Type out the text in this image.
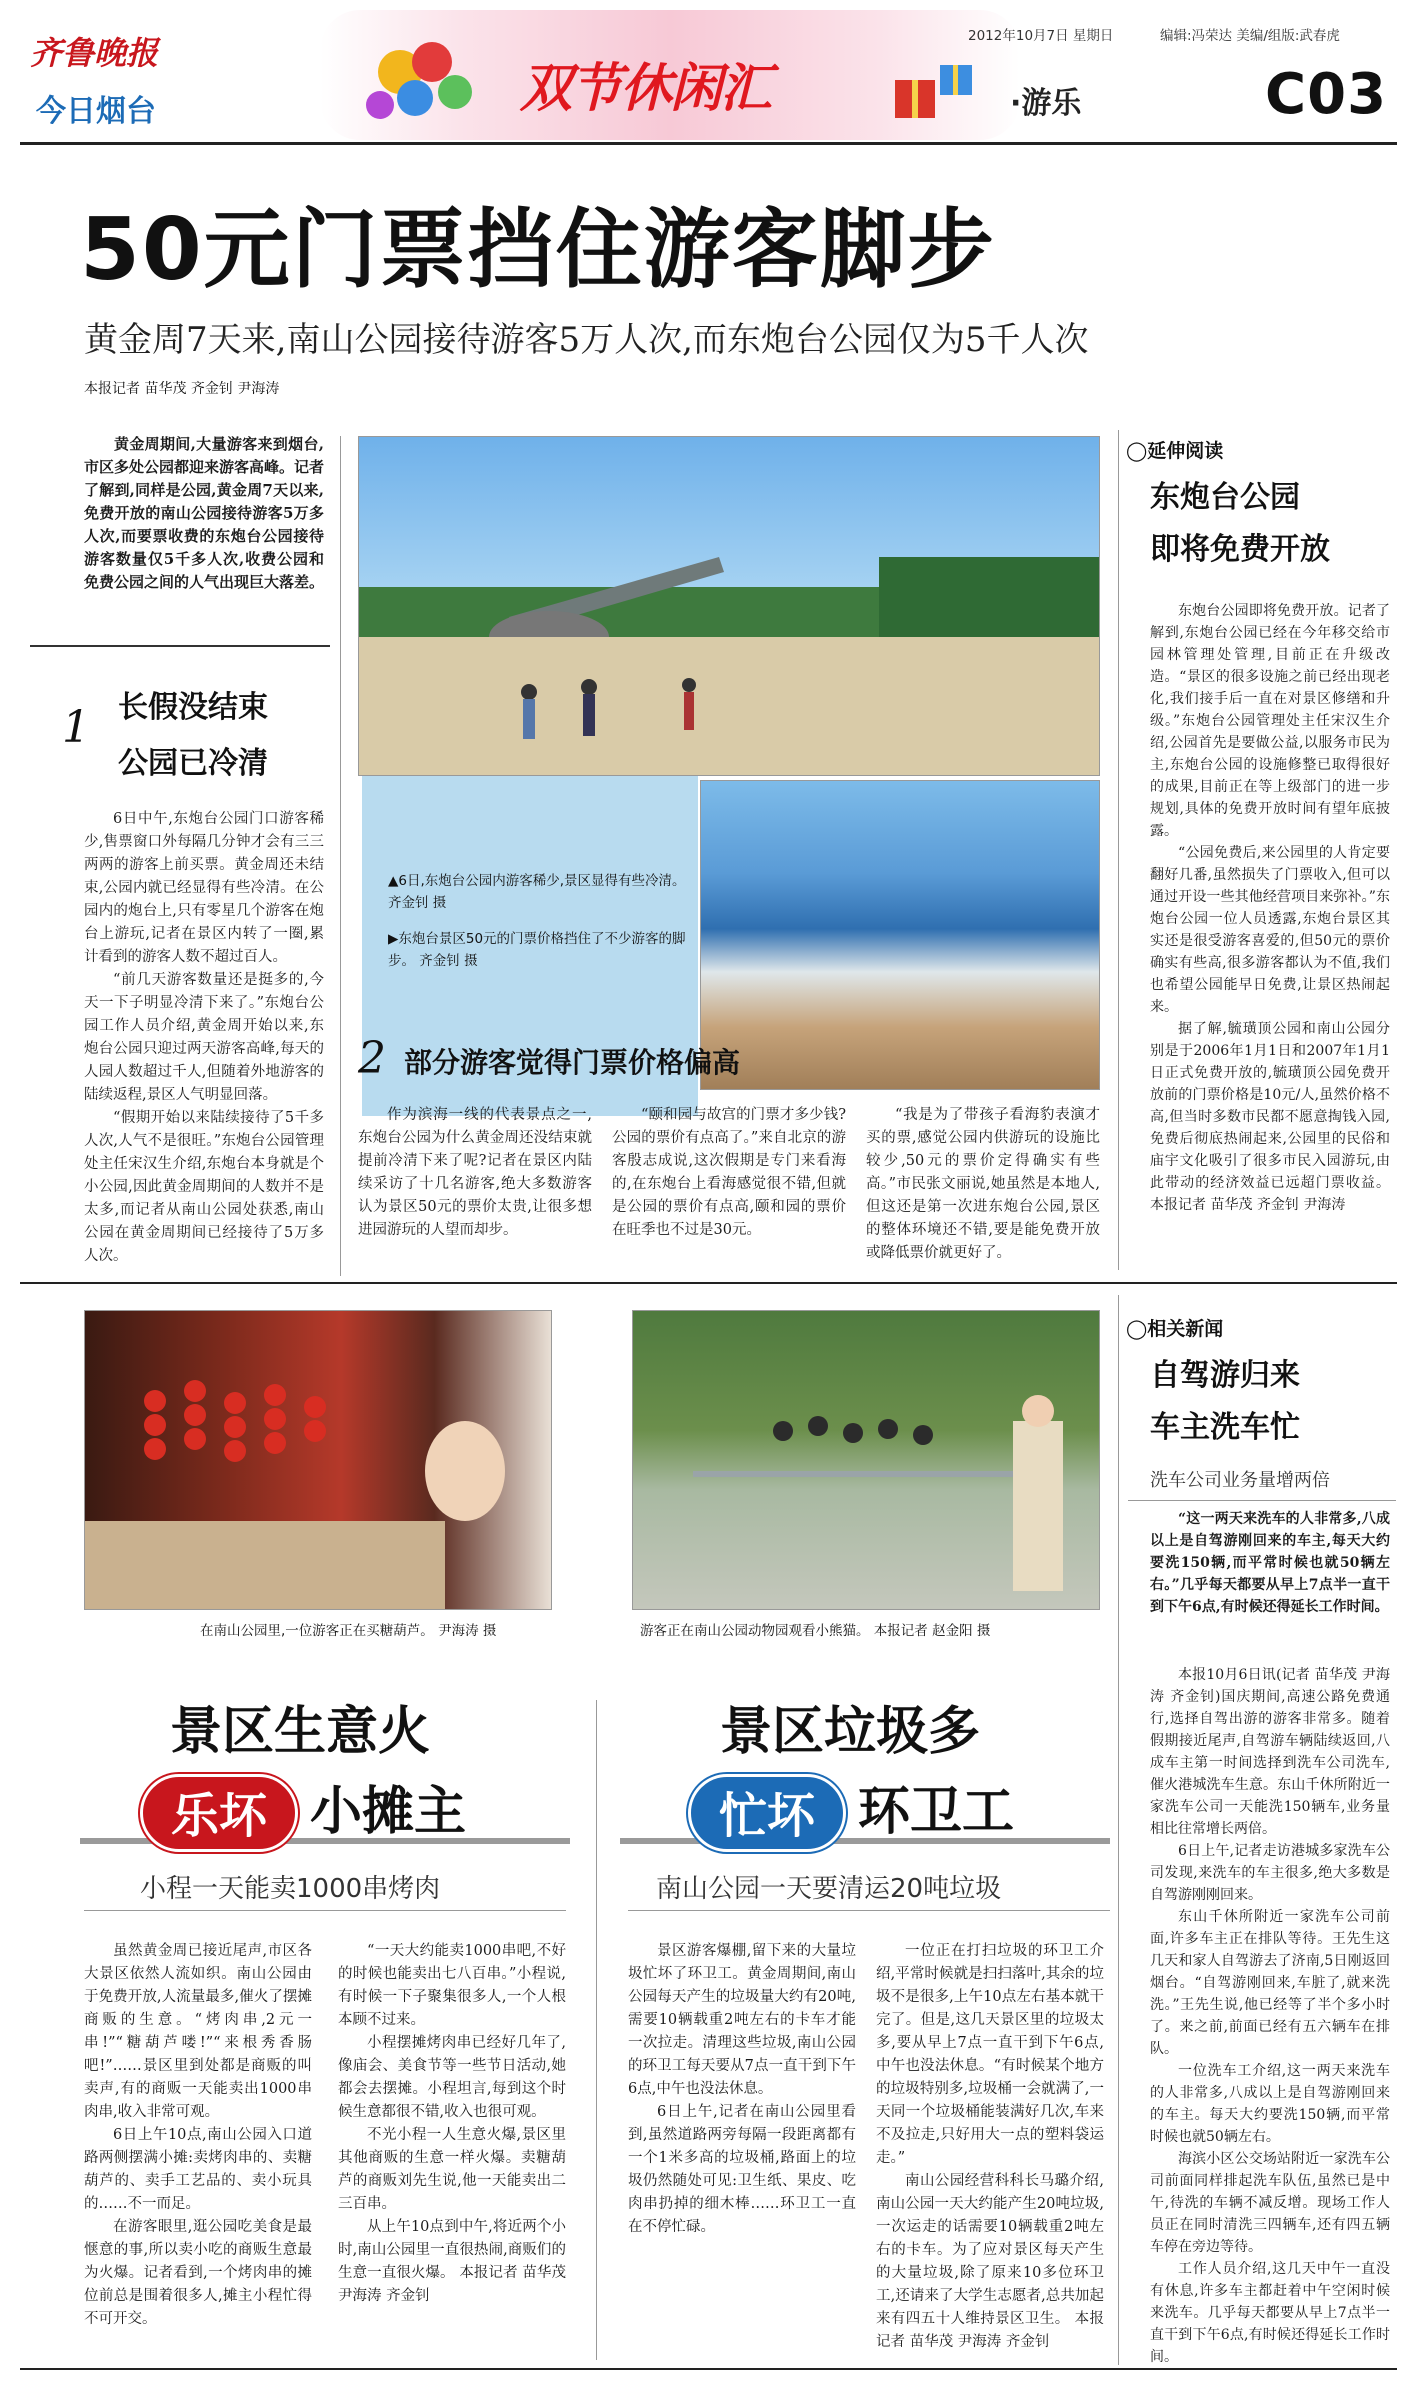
齐鲁晚报
今日烟台	双节休闲汇
2012年10月7日 星期日	编辑:冯荣达 美编/组版:武春虎
·游乐	C03
50元门票挡住游客脚步
黄金周7天来,南山公园接待游客5万人次,而东炮台公园仅为5千人次
本报记者 苗华茂 齐金钊 尹海涛

黄金周期间,大量游客来到烟台,市区多处公园都迎来游客高峰。记者了解到,同样是公园,黄金周7天以来,免费开放的南山公园接待游客5万多人次,而要票收费的东炮台公园接待游客数量仅5千多人次,收费公园和免费公园之间的人气出现巨大落差。

1 长假没结束
公园已冷清

6日中午,东炮台公园门口游客稀少,售票窗口外每隔几分钟才会有三三两两的游客上前买票。黄金周还未结束,公园内就已经显得有些冷清。在公园内的炮台上,只有零星几个游客在炮台上游玩,记者在景区内转了一圈,累计看到的游客人数不超过百人。

“前几天游客数量还是挺多的,今天一下子明显冷清下来了。”东炮台公园工作人员介绍,黄金周开始以来,东炮台公园只迎过两天游客高峰,每天的人园人数超过千人,但随着外地游客的陆续返程,景区人气明显回落。

“假期开始以来陆续接待了5千多人次,人气不是很旺。”东炮台公园管理处主任宋汉生介绍,东炮台本身就是个小公园,因此黄金周期间的人数并不是太多,而记者从南山公园处获悉,南山公园在黄金周期间已经接待了5万多人次。

▲6日,东炮台公园内游客稀少,景区显得有些冷清。 齐金钊 摄
▶东炮台景区50元的门票价格挡住了不少游客的脚步。 齐金钊 摄
2 部分游客觉得门票价格偏高

作为滨海一线的代表景点之一,东炮台公园为什么黄金周还没结束就提前冷清下来了呢?记者在景区内陆续采访了十几名游客,绝大多数游客认为景区50元的票价太贵,让很多想进园游玩的人望而却步。

“颐和园与故宫的门票才多少钱?公园的票价有点高了。”来自北京的游客殷志成说,这次假期是专门来看海的,在东炮台上看海感觉很不错,但就是公园的票价有点高,颐和园的票价在旺季也不过是30元。

“我是为了带孩子看海豹表演才买的票,感觉公园内供游玩的设施比较少,50元的票价定得确实有些高。”市民张文丽说,她虽然是本地人,但这还是第一次进东炮台公园,景区的整体环境还不错,要是能免费开放或降低票价就更好了。

◯延伸阅读
东炮台公园
即将免费开放

东炮台公园即将免费开放。记者了解到,东炮台公园已经在今年移交给市园林管理处管理,目前正在升级改造。“景区的很多设施之前已经出现老化,我们接手后一直在对景区修缮和升级。”东炮台公园管理处主任宋汉生介绍,公园首先是要做公益,以服务市民为主,东炮台公园的设施修整已取得很好的成果,目前正在等上级部门的进一步规划,具体的免费开放时间有望年底披露。

“公园免费后,来公园里的人肯定要翻好几番,虽然损失了门票收入,但可以通过开设一些其他经营项目来弥补。”东炮台公园一位人员透露,东炮台景区其实还是很受游客喜爱的,但50元的票价确实有些高,很多游客都认为不值,我们也希望公园能早日免费,让景区热闹起来。

据了解,毓璜顶公园和南山公园分别是于2006年1月1日和2007年1月1日正式免费开放的,毓璜顶公园免费开放前的门票价格是10元/人,虽然价格不高,但当时多数市民都不愿意掏钱入园,免费后彻底热闹起来,公园里的民俗和庙宇文化吸引了很多市民入园游玩,由此带动的经济效益已远超门票收益。 本报记者 苗华茂 齐金钊 尹海涛

在南山公园里,一位游客正在买糖葫芦。 尹海涛 摄	游客正在南山公园动物园观看小熊猫。 本报记者 赵金阳 摄
景区生意火
乐坏 小摊主
小程一天能卖1000串烤肉

虽然黄金周已接近尾声,市区各大景区依然人流如织。南山公园由于免费开放,人流量最多,催火了摆摊商贩的生意。“烤肉串,2元一串!”“糖葫芦喽!”“来根秀香肠吧!”……景区里到处都是商贩的叫卖声,有的商贩一天能卖出1000串肉串,收入非常可观。

6日上午10点,南山公园入口道路两侧摆满小摊:卖烤肉串的、卖糖葫芦的、卖手工艺品的、卖小玩具的……不一而足。

在游客眼里,逛公园吃美食是最惬意的事,所以卖小吃的商贩生意最为火爆。记者看到,一个烤肉串的摊位前总是围着很多人,摊主小程忙得不可开交。

“一天大约能卖1000串吧,不好的时候也能卖出七八百串。”小程说,有时候一下子聚集很多人,一个人根本顾不过来。

小程摆摊烤肉串已经好几年了,像庙会、美食节等一些节日活动,她都会去摆摊。小程坦言,每到这个时候生意都很不错,收入也很可观。

不光小程一人生意火爆,景区里其他商贩的生意一样火爆。卖糖葫芦的商贩刘先生说,他一天能卖出二三百串。

从上午10点到中午,将近两个小时,南山公园里一直很热闹,商贩们的生意一直很火爆。 本报记者 苗华茂 尹海涛 齐金钊

景区垃圾多
忙坏 环卫工
南山公园一天要清运20吨垃圾

景区游客爆棚,留下来的大量垃圾忙坏了环卫工。黄金周期间,南山公园每天产生的垃圾量大约有20吨,需要10辆载重2吨左右的卡车才能一次拉走。清理这些垃圾,南山公园的环卫工每天要从7点一直干到下午6点,中午也没法休息。

6日上午,记者在南山公园里看到,虽然道路两旁每隔一段距离都有一个1米多高的垃圾桶,路面上的垃圾仍然随处可见:卫生纸、果皮、吃肉串扔掉的细木棒……环卫工一直在不停忙碌。

一位正在打扫垃圾的环卫工介绍,平常时候就是扫扫落叶,其余的垃圾不是很多,上午10点左右基本就干完了。但是,这几天景区里的垃圾太多,要从早上7点一直干到下午6点,中午也没法休息。“有时候某个地方的垃圾特别多,垃圾桶一会就满了,一天同一个垃圾桶能装满好几次,车来不及拉走,只好用大一点的塑料袋运走。”

南山公园经营科科长马璐介绍,南山公园一天大约能产生20吨垃圾,一次运走的话需要10辆载重2吨左右的卡车。为了应对景区每天产生的大量垃圾,除了原来10多位环卫工,还请来了大学生志愿者,总共加起来有四五十人维持景区卫生。 本报记者 苗华茂 尹海涛 齐金钊

◯相关新闻
自驾游归来
车主洗车忙
洗车公司业务量增两倍

“这一两天来洗车的人非常多,八成以上是自驾游刚回来的车主,每天大约要洗150辆,而平常时候也就50辆左右。”几乎每天都要从早上7点半一直干到下午6点,有时候还得延长工作时间。

本报10月6日讯(记者 苗华茂 尹海涛 齐金钊)国庆期间,高速公路免费通行,选择自驾出游的游客非常多。随着假期接近尾声,自驾游车辆陆续返回,八成车主第一时间选择到洗车公司洗车,催火港城洗车生意。东山千休所附近一家洗车公司一天能洗150辆车,业务量相比往常增长两倍。

6日上午,记者走访港城多家洗车公司发现,来洗车的车主很多,绝大多数是自驾游刚刚回来。

东山千休所附近一家洗车公司前面,许多车主正在排队等待。王先生这几天和家人自驾游去了济南,5日刚返回烟台。“自驾游刚回来,车脏了,就来洗洗。”王先生说,他已经等了半个多小时了。来之前,前面已经有五六辆车在排队。

一位洗车工介绍,这一两天来洗车的人非常多,八成以上是自驾游刚回来的车主。每天大约要洗150辆,而平常时候也就50辆左右。

海滨小区公交场站附近一家洗车公司前面同样排起洗车队伍,虽然已是中午,待洗的车辆不减反增。现场工作人员正在同时清洗三四辆车,还有四五辆车停在旁边等待。

工作人员介绍,这几天中午一直没有休息,许多车主都赶着中午空闲时候来洗车。几乎每天都要从早上7点半一直干到下午6点,有时候还得延长工作时间。
